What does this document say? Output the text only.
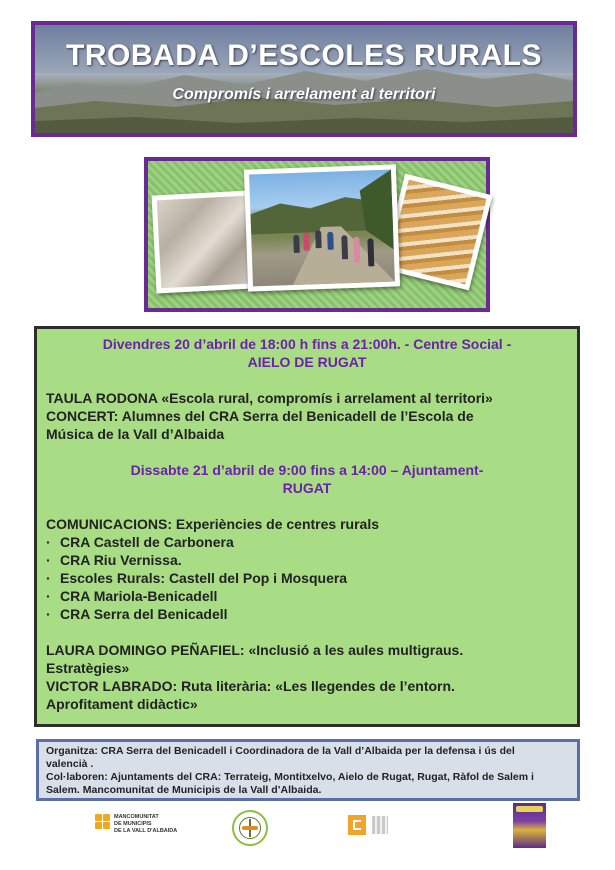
TROBADA D’ESCOLES RURALS
Compromís i arrelament al territori

Divendres 20 d’abril de 18:00 h fins a 21:00h. - Centre Social -

AIELO DE RUGAT

TAULA RODONA «Escola rural, compromís i arrelament al territori»

CONCERT: Alumnes del CRA Serra del Benicadell de l’Escola de

Música de la Vall d’Albaida

Dissabte 21 d’abril de 9:00 fins a 14:00 – Ajuntament-

RUGAT

COMUNICACIONS: Experiències de centres rurals

· CRA Castell de Carbonera

· CRA Riu Vernissa.

· Escoles Rurals: Castell del Pop i Mosquera

· CRA Mariola-Benicadell

· CRA Serra del Benicadell

LAURA DOMINGO PEÑAFIEL: «Inclusió a les aules multigraus.

Estratègies»

VICTOR LABRADO: Ruta literària: «Les llegendes de l’entorn.

Aprofitament didàctic»

Organitza: CRA Serra del Benicadell i Coordinadora de la Vall d’Albaida per la defensa i ús del

valencià .

Col·laboren: Ajuntaments del CRA: Terrateig, Montitxelvo, Aielo de Rugat, Rugat, Ràfol de Salem i

Salem. Mancomunitat de Municipis de la Vall d’Albaida.

MANCOMUNITAT
DE MUNICIPIS
DE LA VALL D'ALBAIDA
